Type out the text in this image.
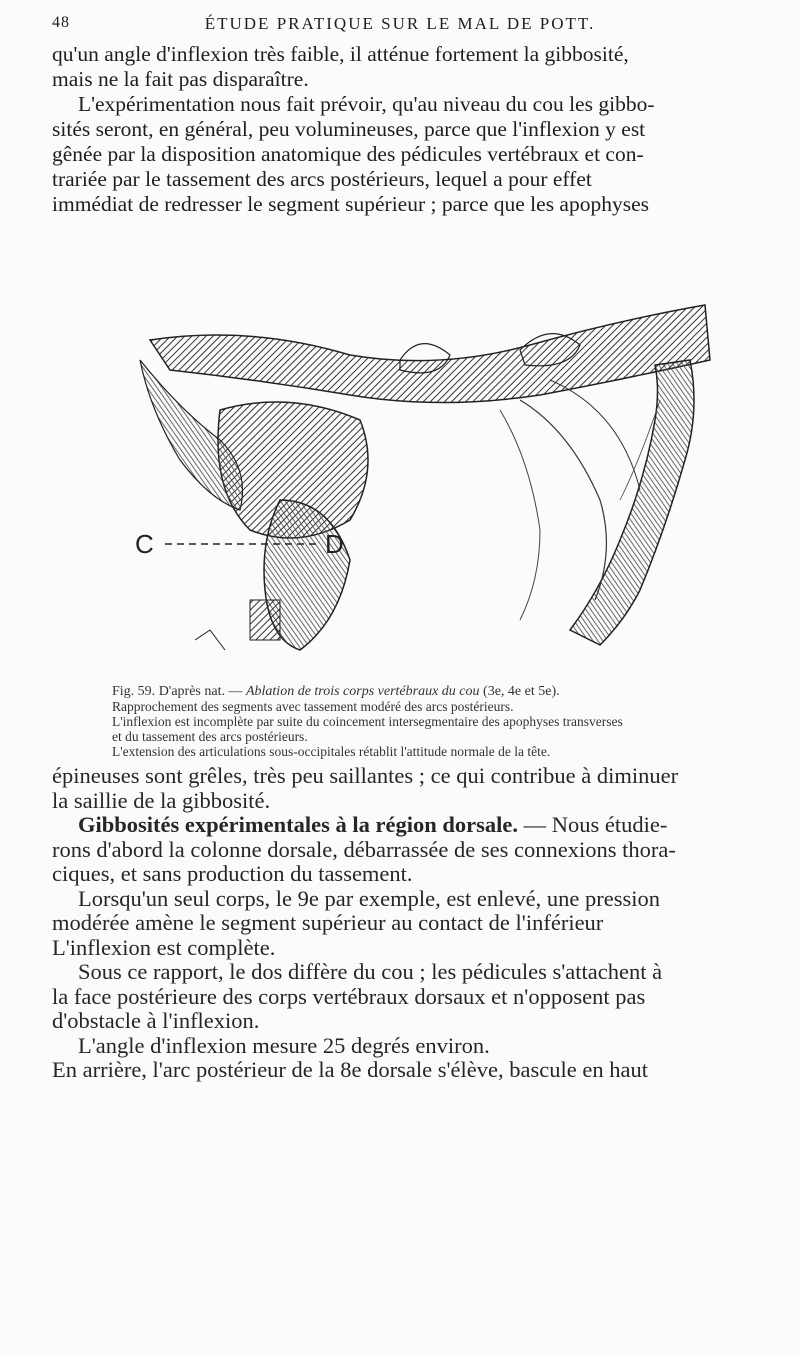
48	ÉTUDE PRATIQUE SUR LE MAL DE POTT.

qu'un angle d'inflexion très faible, il atténue fortement la gibbosité,

mais ne la fait pas disparaître.

L'expérimentation nous fait prévoir, qu'au niveau du cou les gibbo-

sités seront, en général, peu volumineuses, parce que l'inflexion y est

gênée par la disposition anatomique des pédicules vertébraux et con-

trariée par le tassement des arcs postérieurs, lequel a pour effet

immédiat de redresser le segment supérieur ; parce que les apophyses

C	D
Fig. 59. D'après nat. — Ablation de trois corps vertébraux du cou (3e, 4e et 5e).
Rapprochement des segments avec tassement modéré des arcs postérieurs.
L'inflexion est incomplète par suite du coincement intersegmentaire des apophyses transverses
et du tassement des arcs postérieurs.
L'extension des articulations sous-occipitales rétablit l'attitude normale de la tête.

épineuses sont grêles, très peu saillantes ; ce qui contribue à diminuer

la saillie de la gibbosité.

Gibbosités expérimentales à la région dorsale. — Nous étudie-

rons d'abord la colonne dorsale, débarrassée de ses connexions thora-

ciques, et sans production du tassement.

Lorsqu'un seul corps, le 9e par exemple, est enlevé, une pression

modérée amène le segment supérieur au contact de l'inférieur

L'inflexion est complète.

Sous ce rapport, le dos diffère du cou ; les pédicules s'attachent à

la face postérieure des corps vertébraux dorsaux et n'opposent pas

d'obstacle à l'inflexion.

L'angle d'inflexion mesure 25 degrés environ.

En arrière, l'arc postérieur de la 8e dorsale s'élève, bascule en haut
